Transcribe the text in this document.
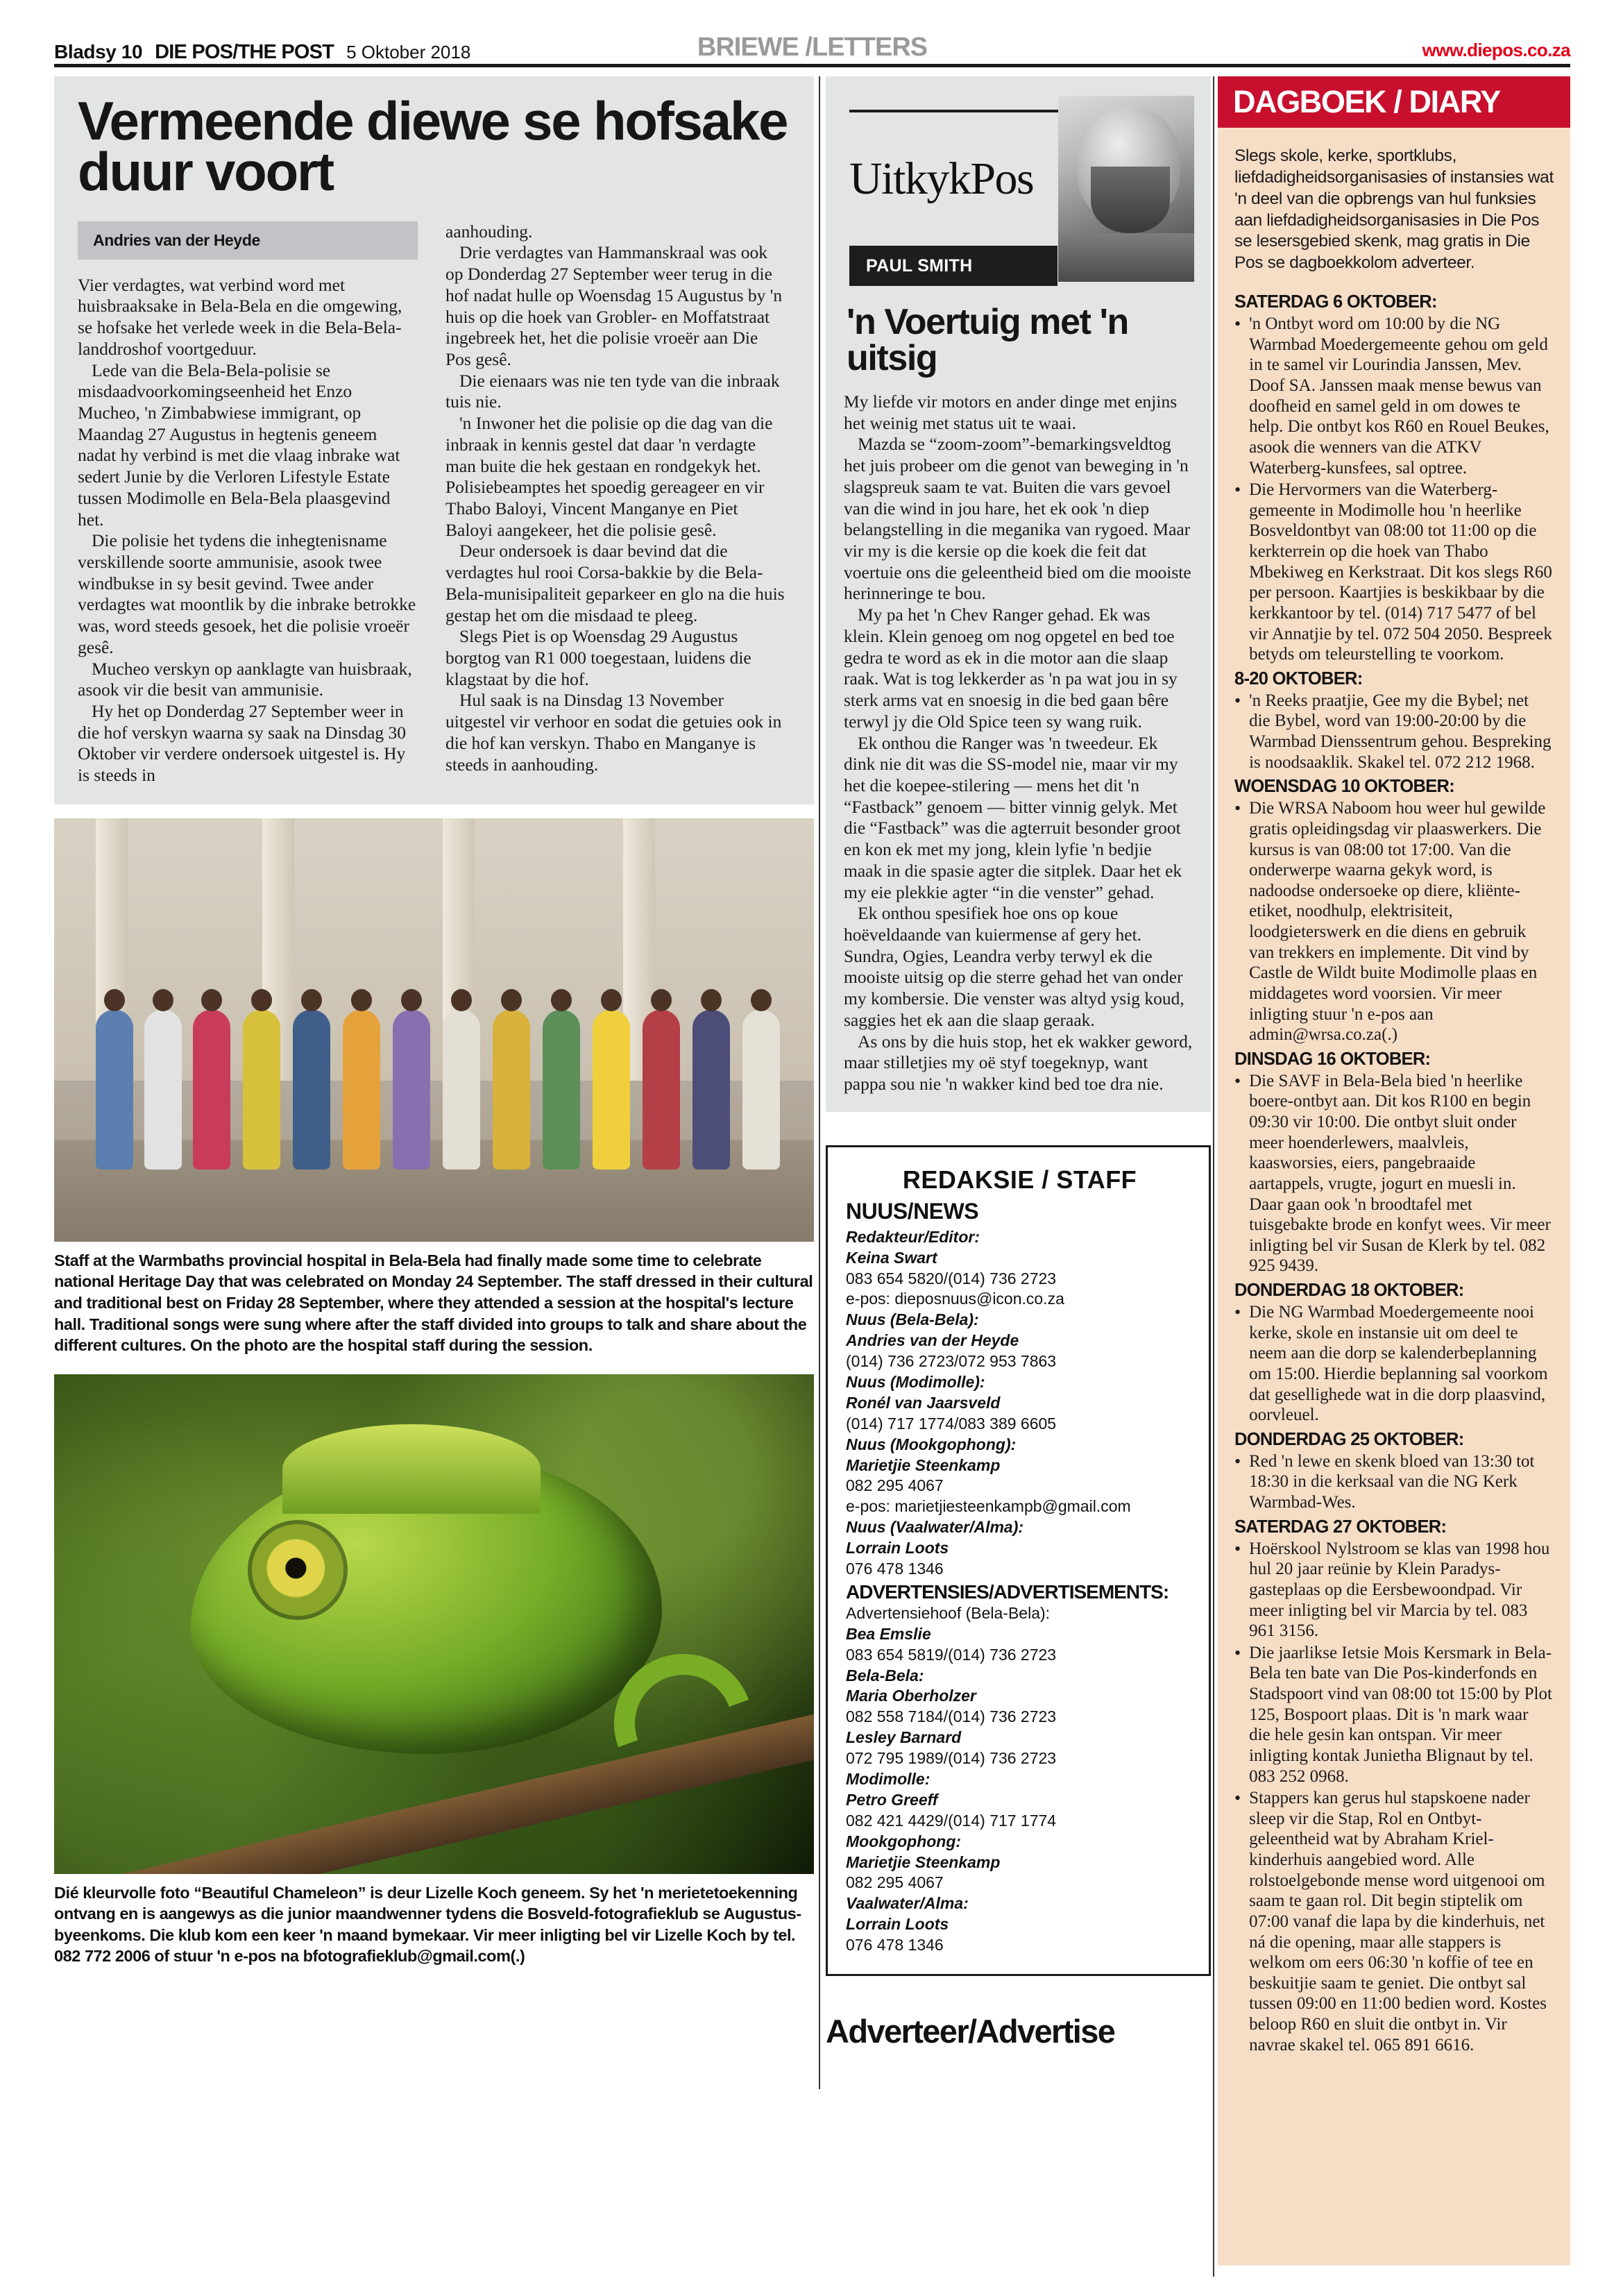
Bladsy 10 DIE POS/THE POST 5 Oktober 2018	BRIEWE /LETTERS	www.diepos.co.za
Vermeende diewe se hofsake duur voort
Andries van der Heyde

Vier verdagtes, wat verbind word met huisbraaksake in Bela-Bela en die omgewing, se hofsake het verlede week in die Bela-Bela-landdroshof voortgeduur.

Lede van die Bela-Bela-polisie se misdaadvoorkomingseenheid het Enzo Mucheo, 'n Zimbabwiese immigrant, op Maandag 27 Augustus in hegtenis geneem nadat hy verbind is met die vlaag inbrake wat sedert Junie by die Verloren Lifestyle Estate tussen Modimolle en Bela-Bela plaasgevind het.

Die polisie het tydens die inhegtenisname verskillende soorte ammunisie, asook twee windbukse in sy besit gevind. Twee ander verdagtes wat moontlik by die inbrake betrokke was, word steeds gesoek, het die polisie vroeër gesê.

Mucheo verskyn op aanklagte van huisbraak, asook vir die besit van ammunisie.

Hy het op Donderdag 27 September weer in die hof verskyn waarna sy saak na Dinsdag 30 Oktober vir verdere ondersoek uitgestel is. Hy is steeds in

aanhouding.

Drie verdagtes van Hammanskraal was ook op Donderdag 27 September weer terug in die hof nadat hulle op Woensdag 15 Augustus by 'n huis op die hoek van Grobler- en Moffatstraat ingebreek het, het die polisie vroeër aan Die Pos gesê.

Die eienaars was nie ten tyde van die inbraak tuis nie.

'n Inwoner het die polisie op die dag van die inbraak in kennis gestel dat daar 'n verdagte man buite die hek gestaan en rondgekyk het. Polisiebeamptes het spoedig gereageer en vir Thabo Baloyi, Vincent Manganye en Piet Baloyi aangekeer, het die polisie gesê.

Deur ondersoek is daar bevind dat die verdagtes hul rooi Corsa-bakkie by die Bela-Bela-munisipaliteit geparkeer en glo na die huis gestap het om die misdaad te pleeg.

Slegs Piet is op Woensdag 29 Augustus borgtog van R1 000 toegestaan, luidens die klagstaat by die hof.

Hul saak is na Dinsdag 13 November uitgestel vir verhoor en sodat die getuies ook in die hof kan verskyn. Thabo en Manganye is steeds in aanhouding.

Staff at the Warmbaths provincial hospital in Bela-Bela had finally made some time to celebrate national Heritage Day that was celebrated on Monday 24 September. The staff dressed in their cultural and traditional best on Friday 28 September, where they attended a session at the hospital's lecture hall. Traditional songs were sung where after the staff divided into groups to talk and share about the different cultures. On the photo are the hospital staff during the session.
Dié kleurvolle foto “Beautiful Chameleon” is deur Lizelle Koch geneem. Sy het 'n merietetoekenning ontvang en is aangewys as die junior maandwenner tydens die Bosveld-fotografieklub se Augustus-byeenkoms. Die klub kom een keer 'n maand bymekaar. Vir meer inligting bel vir Lizelle Koch by tel. 082 772 2006 of stuur 'n e-pos na bfotografieklub@gmail.com(.)
UitkykPos
PAUL SMITH
'n Voertuig met 'n uitsig

My liefde vir motors en ander dinge met enjins het weinig met status uit te waai.

Mazda se “zoom-zoom”-bemarkingsveldtog het juis probeer om die genot van beweging in 'n slagspreuk saam te vat. Buiten die vars gevoel van die wind in jou hare, het ek ook 'n diep belangstelling in die meganika van rygoed. Maar vir my is die kersie op die koek die feit dat voertuie ons die geleentheid bied om die mooiste herinneringe te bou.

My pa het 'n Chev Ranger gehad. Ek was klein. Klein genoeg om nog opgetel en bed toe gedra te word as ek in die motor aan die slaap raak. Wat is tog lekkerder as 'n pa wat jou in sy sterk arms vat en snoesig in die bed gaan bêre terwyl jy die Old Spice teen sy wang ruik.

Ek onthou die Ranger was 'n tweedeur. Ek dink nie dit was die SS-model nie, maar vir my het die koepee-stilering — mens het dit 'n “Fastback” genoem — bitter vinnig gelyk. Met die “Fastback” was die agterruit besonder groot en kon ek met my jong, klein lyfie 'n bedjie maak in die spasie agter die sitplek. Daar het ek my eie plekkie agter “in die venster” gehad.

Ek onthou spesifiek hoe ons op koue hoëveldaande van kuiermense af gery het. Sundra, Ogies, Leandra verby terwyl ek die mooiste uitsig op die sterre gehad het van onder my kombersie. Die venster was altyd ysig koud, saggies het ek aan die slaap geraak.

As ons by die huis stop, het ek wakker geword, maar stilletjies my oë styf toegeknyp, want pappa sou nie 'n wakker kind bed toe dra nie.

REDAKSIE / STAFF
NUUS/NEWS
Redakteur/Editor:
Keina Swart
083 654 5820/(014) 736 2723
e-pos: dieposnuus@icon.co.za
Nuus (Bela-Bela):
Andries van der Heyde
(014) 736 2723/072 953 7863
Nuus (Modimolle):
Ronél van Jaarsveld
(014) 717 1774/083 389 6605
Nuus (Mookgophong):
Marietjie Steenkamp
082 295 4067
e-pos: marietjiesteenkampb@gmail.com
Nuus (Vaalwater/Alma):
Lorrain Loots
076 478 1346
ADVERTENSIES/ADVERTISEMENTS:
Advertensiehoof (Bela-Bela):
Bea Emslie
083 654 5819/(014) 736 2723
Bela-Bela:
Maria Oberholzer
082 558 7184/(014) 736 2723
Lesley Barnard
072 795 1989/(014) 736 2723
Modimolle:
Petro Greeff
082 421 4429/(014) 717 1774
Mookgophong:
Marietjie Steenkamp
082 295 4067
Vaalwater/Alma:
Lorrain Loots
076 478 1346
Adverteer/Advertise
DAGBOEK / DIARY
Slegs skole, kerke, sportklubs, liefdadigheidsorganisasies of instansies wat 'n deel van die opbrengs van hul funksies aan liefdadigheidsorganisasies in Die Pos se lesersgebied skenk, mag gratis in Die Pos se dagboekkolom adverteer.
SATERDAG 6 OKTOBER:
• 'n Ontbyt word om 10:00 by die NG Warmbad Moedergemeente gehou om geld in te samel vir Lourindia Janssen, Mev. Doof SA. Janssen maak mense bewus van doofheid en samel geld in om dowes te help. Die ontbyt kos R60 en Rouel Beukes, asook die wenners van die ATKV Waterberg-kunsfees, sal optree.
• Die Hervormers van die Waterberg-gemeente in Modimolle hou 'n heerlike Bosveldontbyt van 08:00 tot 11:00 op die kerkterrein op die hoek van Thabo Mbekiweg en Kerkstraat. Dit kos slegs R60 per persoon. Kaartjies is beskikbaar by die kerkkantoor by tel. (014) 717 5477 of bel vir Annatjie by tel. 072 504 2050. Bespreek betyds om teleurstelling te voorkom.
8-20 OKTOBER:
• 'n Reeks praatjie, Gee my die Bybel; net die Bybel, word van 19:00-20:00 by die Warmbad Dienssentrum gehou. Bespreking is noodsaaklik. Skakel tel. 072 212 1968.
WOENSDAG 10 OKTOBER:
• Die WRSA Naboom hou weer hul gewilde gratis opleidingsdag vir plaaswerkers. Die kursus is van 08:00 tot 17:00. Van die onderwerpe waarna gekyk word, is nadoodse ondersoeke op diere, kliënte-etiket, noodhulp, elektrisiteit, loodgieterswerk en die diens en gebruik van trekkers en implemente. Dit vind by Castle de Wildt buite Modimolle plaas en middagetes word voorsien. Vir meer inligting stuur 'n e-pos aan admin@wrsa.co.za(.)
DINSDAG 16 OKTOBER:
• Die SAVF in Bela-Bela bied 'n heerlike boere-ontbyt aan. Dit kos R100 en begin 09:30 vir 10:00. Die ontbyt sluit onder meer hoenderlewers, maalvleis, kaasworsies, eiers, pangebraaide aartappels, vrugte, jogurt en muesli in. Daar gaan ook 'n broodtafel met tuisgebakte brode en konfyt wees. Vir meer inligting bel vir Susan de Klerk by tel. 082 925 9439.
DONDERDAG 18 OKTOBER:
• Die NG Warmbad Moedergemeente nooi kerke, skole en instansie uit om deel te neem aan die dorp se kalenderbeplanning om 15:00. Hierdie beplanning sal voorkom dat gesellighede wat in die dorp plaasvind, oorvleuel.
DONDERDAG 25 OKTOBER:
• Red 'n lewe en skenk bloed van 13:30 tot 18:30 in die kerksaal van die NG Kerk Warmbad-Wes.
SATERDAG 27 OKTOBER:
• Hoërskool Nylstroom se klas van 1998 hou hul 20 jaar reünie by Klein Paradys-gasteplaas op die Eersbewoondpad. Vir meer inligting bel vir Marcia by tel. 083 961 3156.
• Die jaarlikse Ietsie Mois Kersmark in Bela-Bela ten bate van Die Pos-kinderfonds en Stadspoort vind van 08:00 tot 15:00 by Plot 125, Bospoort plaas. Dit is 'n mark waar die hele gesin kan ontspan. Vir meer inligting kontak Junietha Blignaut by tel. 083 252 0968.
• Stappers kan gerus hul stapskoene nader sleep vir die Stap, Rol en Ontbyt-geleentheid wat by Abraham Kriel-kinderhuis aangebied word. Alle rolstoelgebonde mense word uitgenooi om saam te gaan rol. Dit begin stiptelik om 07:00 vanaf die lapa by die kinderhuis, net ná die opening, maar alle stappers is welkom om eers 06:30 'n koffie of tee en beskuitjie saam te geniet. Die ontbyt sal tussen 09:00 en 11:00 bedien word. Kostes beloop R60 en sluit die ontbyt in. Vir navrae skakel tel. 065 891 6616.
